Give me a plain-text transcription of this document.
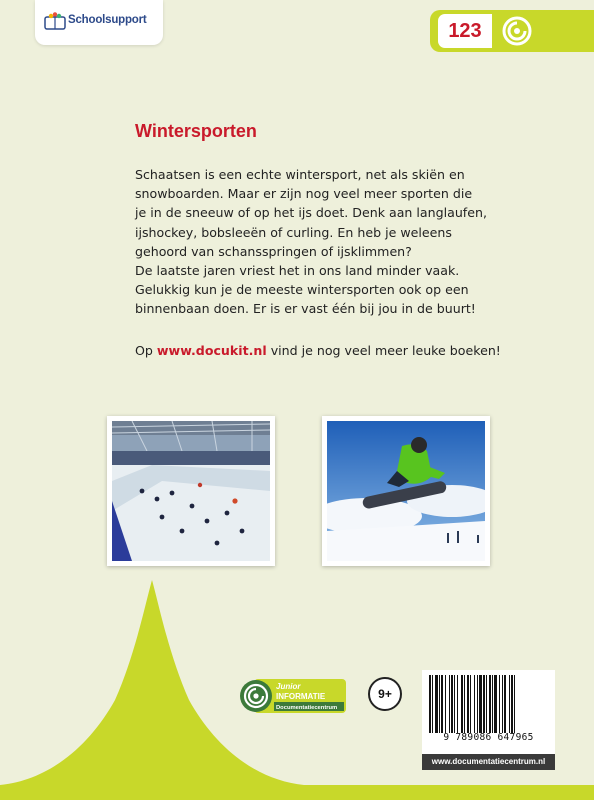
Schoolsupport	123
Wintersporten
Schaatsen is een echte wintersport, net als skiën en
snowboarden. Maar er zijn nog veel meer sporten die
je in de sneeuw of op het ijs doet. Denk aan langlaufen,
ijshockey, bobsleeën of curling. En heb je weleens
gehoord van schansspringen of ijsklimmen?
De laatste jaren vriest het in ons land minder vaak.
Gelukkig kun je de meeste wintersporten ook op een
binnenbaan doen. Er is er vast één bij jou in de buurt!
Op www.docukit.nl vind je nog veel meer leuke boeken!
Junior
INFORMATIE
Documentatiecentrum
9+
9 789086 647965
www.documentatiecentrum.nl
